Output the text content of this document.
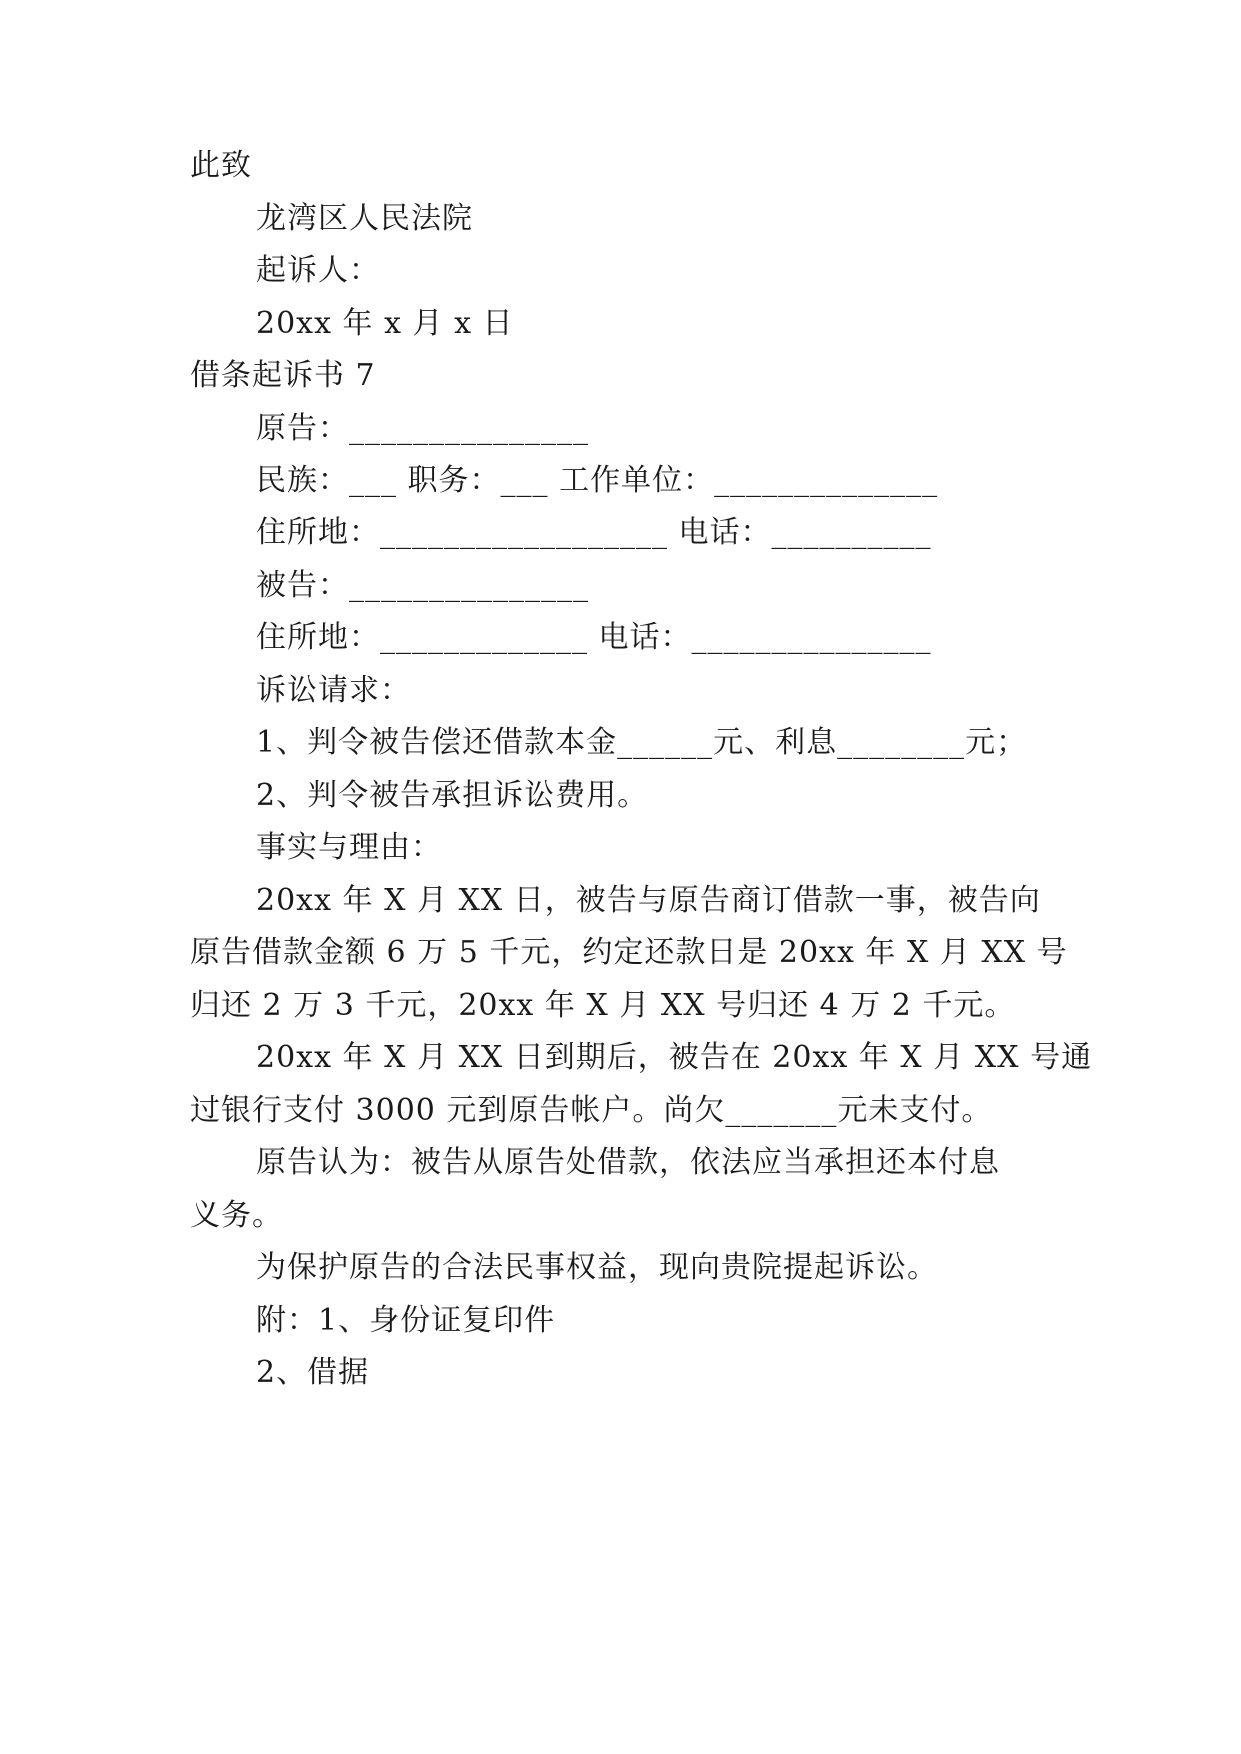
此致
龙湾区人民法院
起诉人：
20xx 年 x 月 x 日
借条起诉书 7
原告：_______________
民族：___ 职务：___ 工作单位：______________
住所地：__________________ 电话：__________
被告：_______________
住所地：_____________ 电话：_______________
诉讼请求：
1、判令被告偿还借款本金______元、利息________元；
2、判令被告承担诉讼费用。
事实与理由：
20xx 年 X 月 XX 日，被告与原告商订借款一事，被告向
原告借款金额 6 万 5 千元，约定还款日是 20xx 年 X 月 XX 号
归还 2 万 3 千元，20xx 年 X 月 XX 号归还 4 万 2 千元。
20xx 年 X 月 XX 日到期后，被告在 20xx 年 X 月 XX 号通
过银行支付 3000 元到原告帐户。尚欠_______元未支付。
原告认为：被告从原告处借款，依法应当承担还本付息
义务。
为保护原告的合法民事权益，现向贵院提起诉讼。
附：1、身份证复印件
2、借据
